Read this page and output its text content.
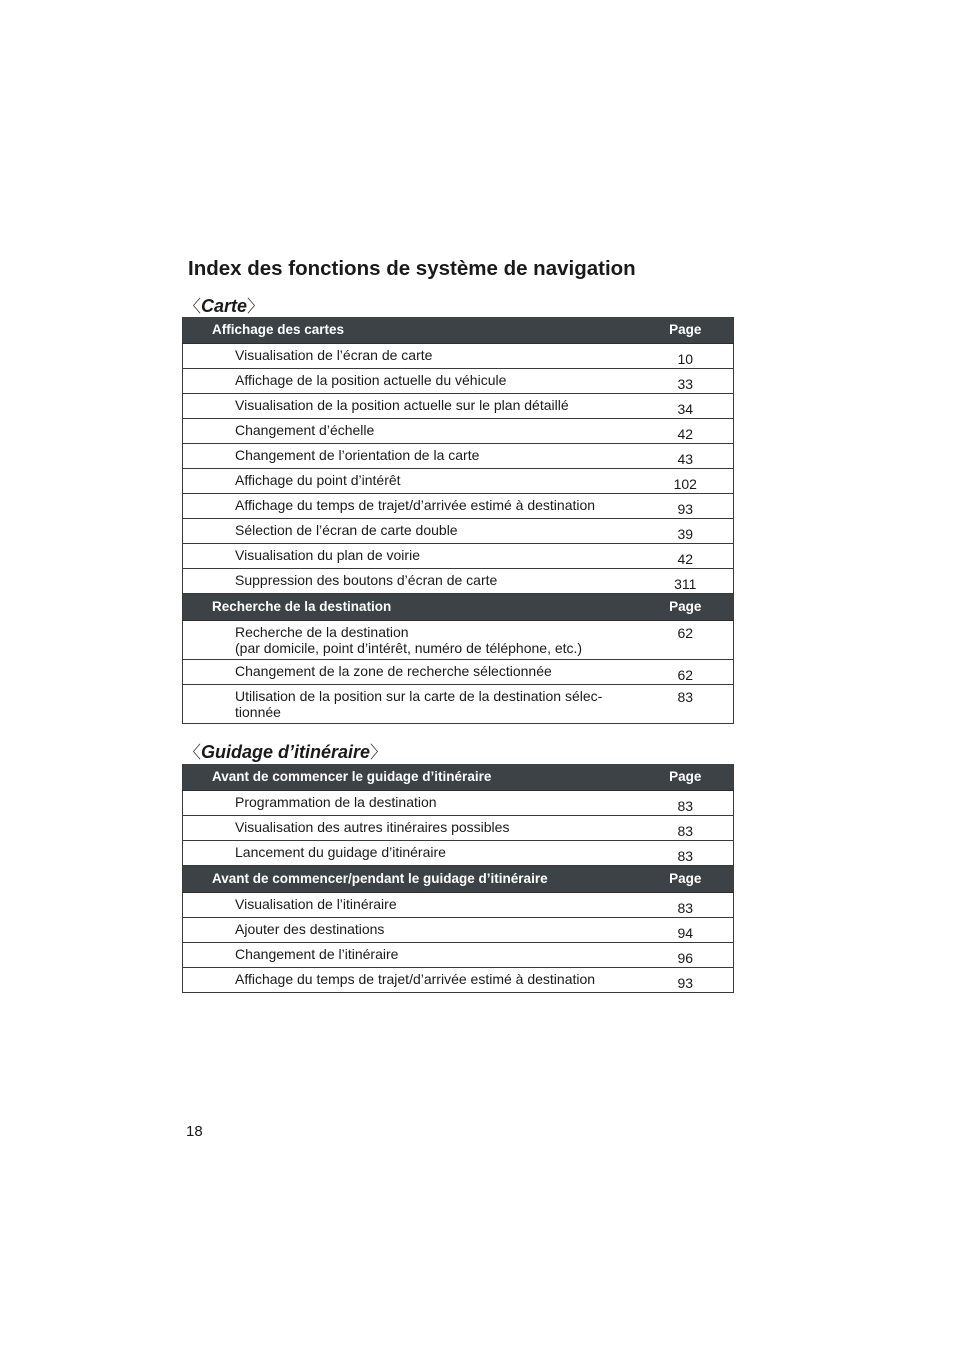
Index des fonctions de système de navigation
〈Carte〉
Affichage des cartes	Page
Visualisation de l’écran de carte	10
Affichage de la position actuelle du véhicule	33
Visualisation de la position actuelle sur le plan détaillé	34
Changement d’échelle	42
Changement de l’orientation de la carte	43
Affichage du point d’intérêt	102
Affichage du temps de trajet/d’arrivée estimé à destination	93
Sélection de l’écran de carte double	39
Visualisation du plan de voirie	42
Suppression des boutons d’écran de carte	311
Recherche de la destination	Page

Recherche de la destination
(par domicile, point d’intérêt, numéro de téléphone, etc.)	62
Changement de la zone de recherche sélectionnée	62

Utilisation de la position sur la carte de la destination sélec-
tionnée	83
〈Guidage d’itinéraire〉
Avant de commencer le guidage d’itinéraire	Page
Programmation de la destination	83
Visualisation des autres itinéraires possibles	83
Lancement du guidage d’itinéraire	83
Avant de commencer/pendant le guidage d’itinéraire	Page
Visualisation de l’itinéraire	83
Ajouter des destinations	94
Changement de l’itinéraire	96
Affichage du temps de trajet/d’arrivée estimé à destination	93

18
